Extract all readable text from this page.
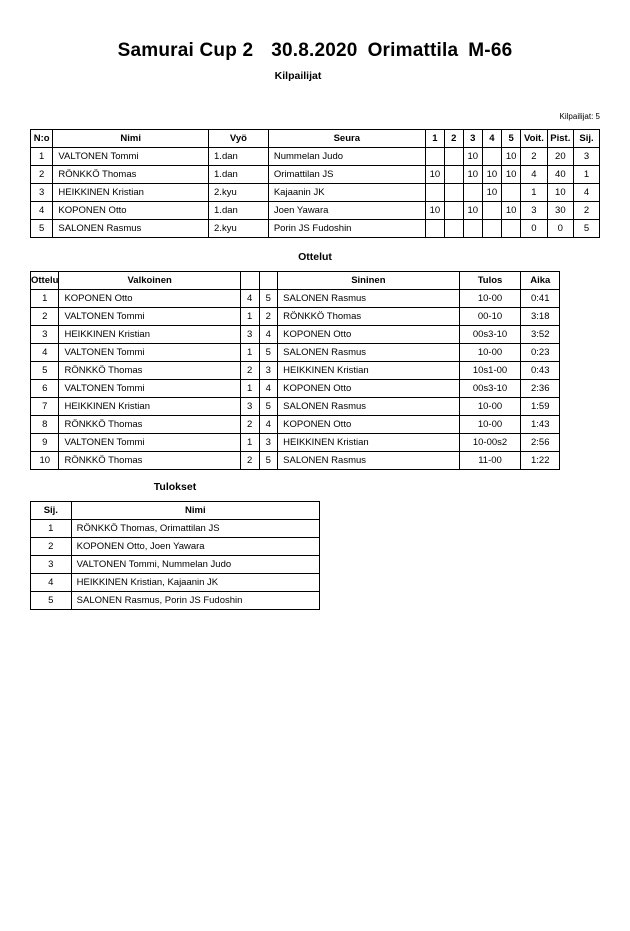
Samurai Cup 2 30.8.2020 Orimattila M-66
Kilpailijat
Kilpailijat: 5
N:o	Nimi	Vyö	Seura	1	2	3	4	5	Voit.	Pist.	Sij.
1	VALTONEN Tommi	1.dan	Nummelan Judo			10		10	2	20	3
2	RÖNKKÖ Thomas	1.dan	Orimattilan JS	10		10	10	10	4	40	1
3	HEIKKINEN Kristian	2.kyu	Kajaanin JK				10		1	10	4
4	KOPONEN Otto	1.dan	Joen Yawara	10		10		10	3	30	2
5	SALONEN Rasmus	2.kyu	Porin JS Fudoshin						0	0	5
Ottelut
Ottelu	Valkoinen			Sininen	Tulos	Aika
1	KOPONEN Otto	4	5	SALONEN Rasmus	10-00	0:41
2	VALTONEN Tommi	1	2	RÖNKKÖ Thomas	00-10	3:18
3	HEIKKINEN Kristian	3	4	KOPONEN Otto	00s3-10	3:52
4	VALTONEN Tommi	1	5	SALONEN Rasmus	10-00	0:23
5	RÖNKKÖ Thomas	2	3	HEIKKINEN Kristian	10s1-00	0:43
6	VALTONEN Tommi	1	4	KOPONEN Otto	00s3-10	2:36
7	HEIKKINEN Kristian	3	5	SALONEN Rasmus	10-00	1:59
8	RÖNKKÖ Thomas	2	4	KOPONEN Otto	10-00	1:43
9	VALTONEN Tommi	1	3	HEIKKINEN Kristian	10-00s2	2:56
10	RÖNKKÖ Thomas	2	5	SALONEN Rasmus	11-00	1:22
Tulokset
Sij.	Nimi
1	RÖNKKÖ Thomas, Orimattilan JS
2	KOPONEN Otto, Joen Yawara
3	VALTONEN Tommi, Nummelan Judo
4	HEIKKINEN Kristian, Kajaanin JK
5	SALONEN Rasmus, Porin JS Fudoshin
